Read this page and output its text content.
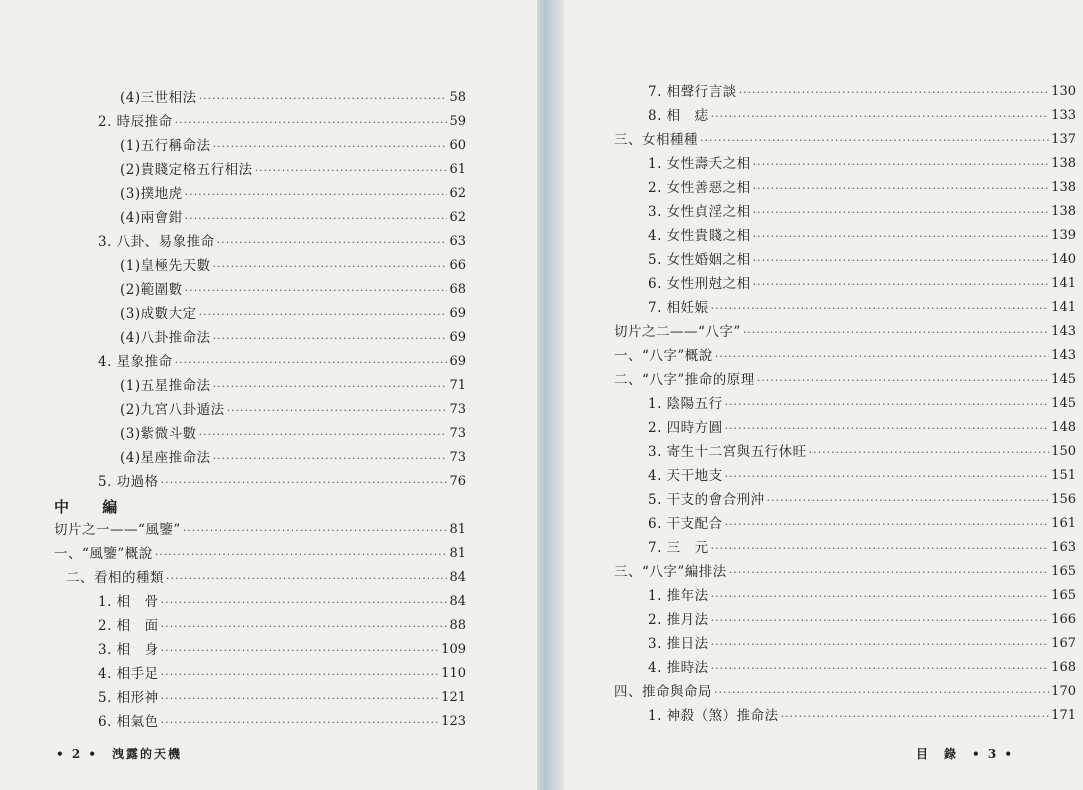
(4)三世相法 ·····	58
2. 時辰推命 ·····	59
(1)五行稱命法 ·····	60
(2)貴賤定格五行相法 ·····	61
(3)撲地虎 ·····	62
(4)兩會鉗 ·····	62
3. 八卦、易象推命 ·····	63
(1)皇極先天數 ·····	66
(2)範圍數 ·····	68
(3)成數大定 ·····	69
(4)八卦推命法 ·····	69
4. 星象推命 ·····	69
(1)五星推命法 ·····	71
(2)九宮八卦遁法 ·····	73
(3)紫微斗數 ·····	73
(4)星座推命法 ·····	73
5. 功過格 ·····	76
中 編
切片之一——“風鑒” ·····	81
一、“風鑒”概說 ·····	81
二、看相的種類 ·····	84
1. 相　骨 ·····	84
2. 相　面 ·····	88
3. 相　身 ·····	109
4. 相手足 ·····	110
5. 相形神 ·····	121
6. 相氣色 ·····	123
• 2 •　洩露的天機
7. 相聲行言談 ·····	130
8. 相　痣 ·····	133
三、女相種種 ·····	137
1. 女性壽夭之相 ·····	138
2. 女性善惡之相 ·····	138
3. 女性貞淫之相 ·····	138
4. 女性貴賤之相 ·····	139
5. 女性婚姻之相 ·····	140
6. 女性刑尅之相 ·····	141
7. 相妊娠 ·····	141
切片之二——“八字” ·····	143
一、“八字”概說 ·····	143
二、“八字”推命的原理 ·····	145
1. 陰陽五行 ·····	145
2. 四時方圓 ·····	148
3. 寄生十二宮與五行休旺 ·····	150
4. 天干地支 ·····	151
5. 干支的會合刑沖 ·····	156
6. 干支配合 ·····	161
7. 三　元 ·····	163
三、“八字”編排法 ·····	165
1. 推年法 ·····	165
2. 推月法 ·····	166
3. 推日法 ·····	167
4. 推時法 ·····	168
四、推命與命局 ·····	170
1. 神殺（煞）推命法 ·····	171
目　錄　• 3 •
